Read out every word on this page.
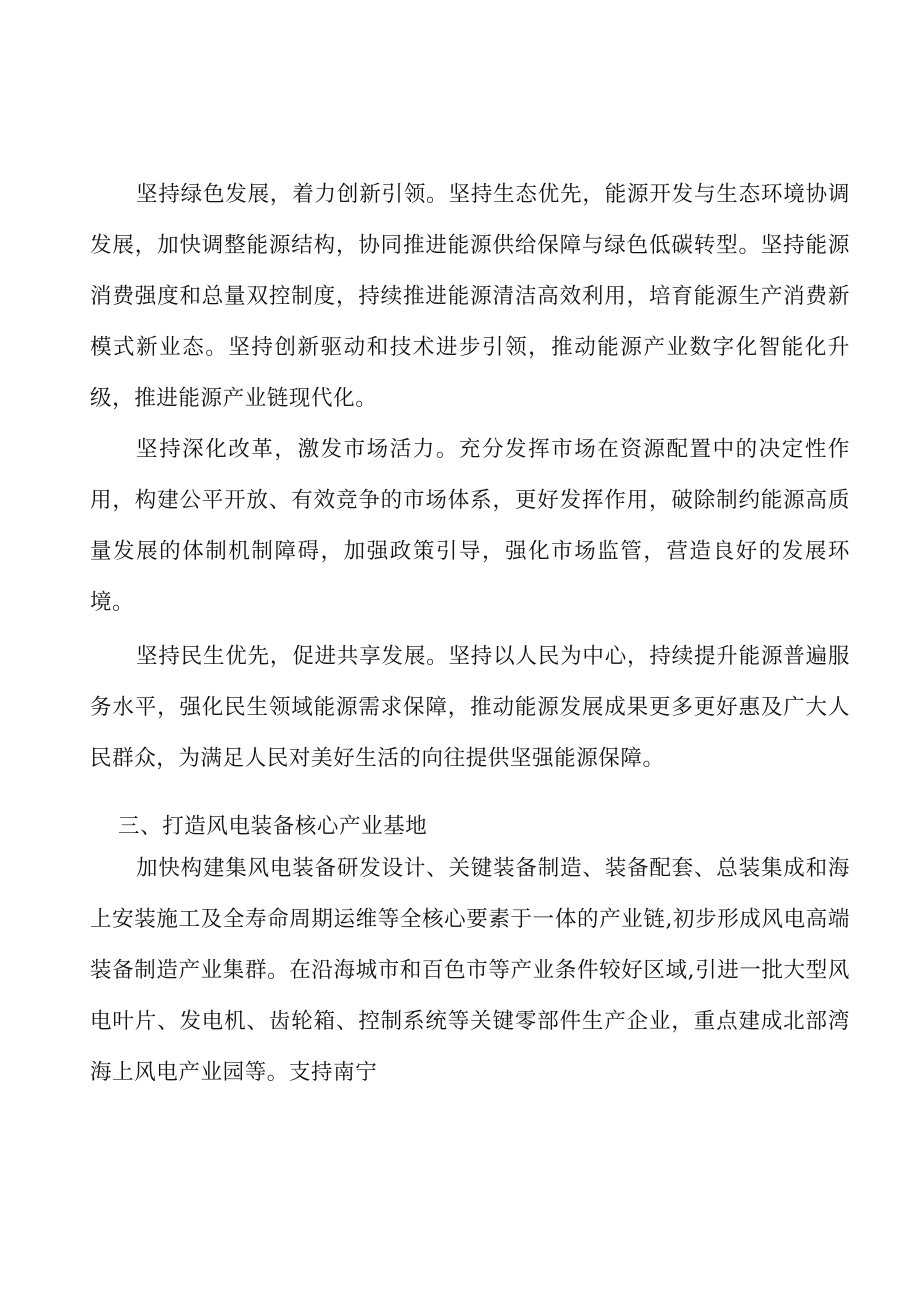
坚持绿色发展，着力创新引领。坚持生态优先，能源开发与生态环境协调发展，加快调整能源结构，协同推进能源供给保障与绿色低碳转型。坚持能源消费强度和总量双控制度，持续推进能源清洁高效利用，培育能源生产消费新模式新业态。坚持创新驱动和技术进步引领，推动能源产业数字化智能化升级，推进能源产业链现代化。

坚持深化改革，激发市场活力。充分发挥市场在资源配置中的决定性作用，构建公平开放、有效竞争的市场体系，更好发挥作用，破除制约能源高质量发展的体制机制障碍，加强政策引导，强化市场监管，营造良好的发展环境。

坚持民生优先，促进共享发展。坚持以人民为中心，持续提升能源普遍服务水平，强化民生领域能源需求保障，推动能源发展成果更多更好惠及广大人民群众，为满足人民对美好生活的向往提供坚强能源保障。

三、打造风电装备核心产业基地

加快构建集风电装备研发设计、关键装备制造、装备配套、总装集成和海上安装施工及全寿命周期运维等全核心要素于一体的产业链,初步形成风电高端装备制造产业集群。在沿海城市和百色市等产业条件较好区域,引进一批大型风电叶片、发电机、齿轮箱、控制系统等关键零部件生产企业，重点建成北部湾海上风电产业园等。支持南宁
